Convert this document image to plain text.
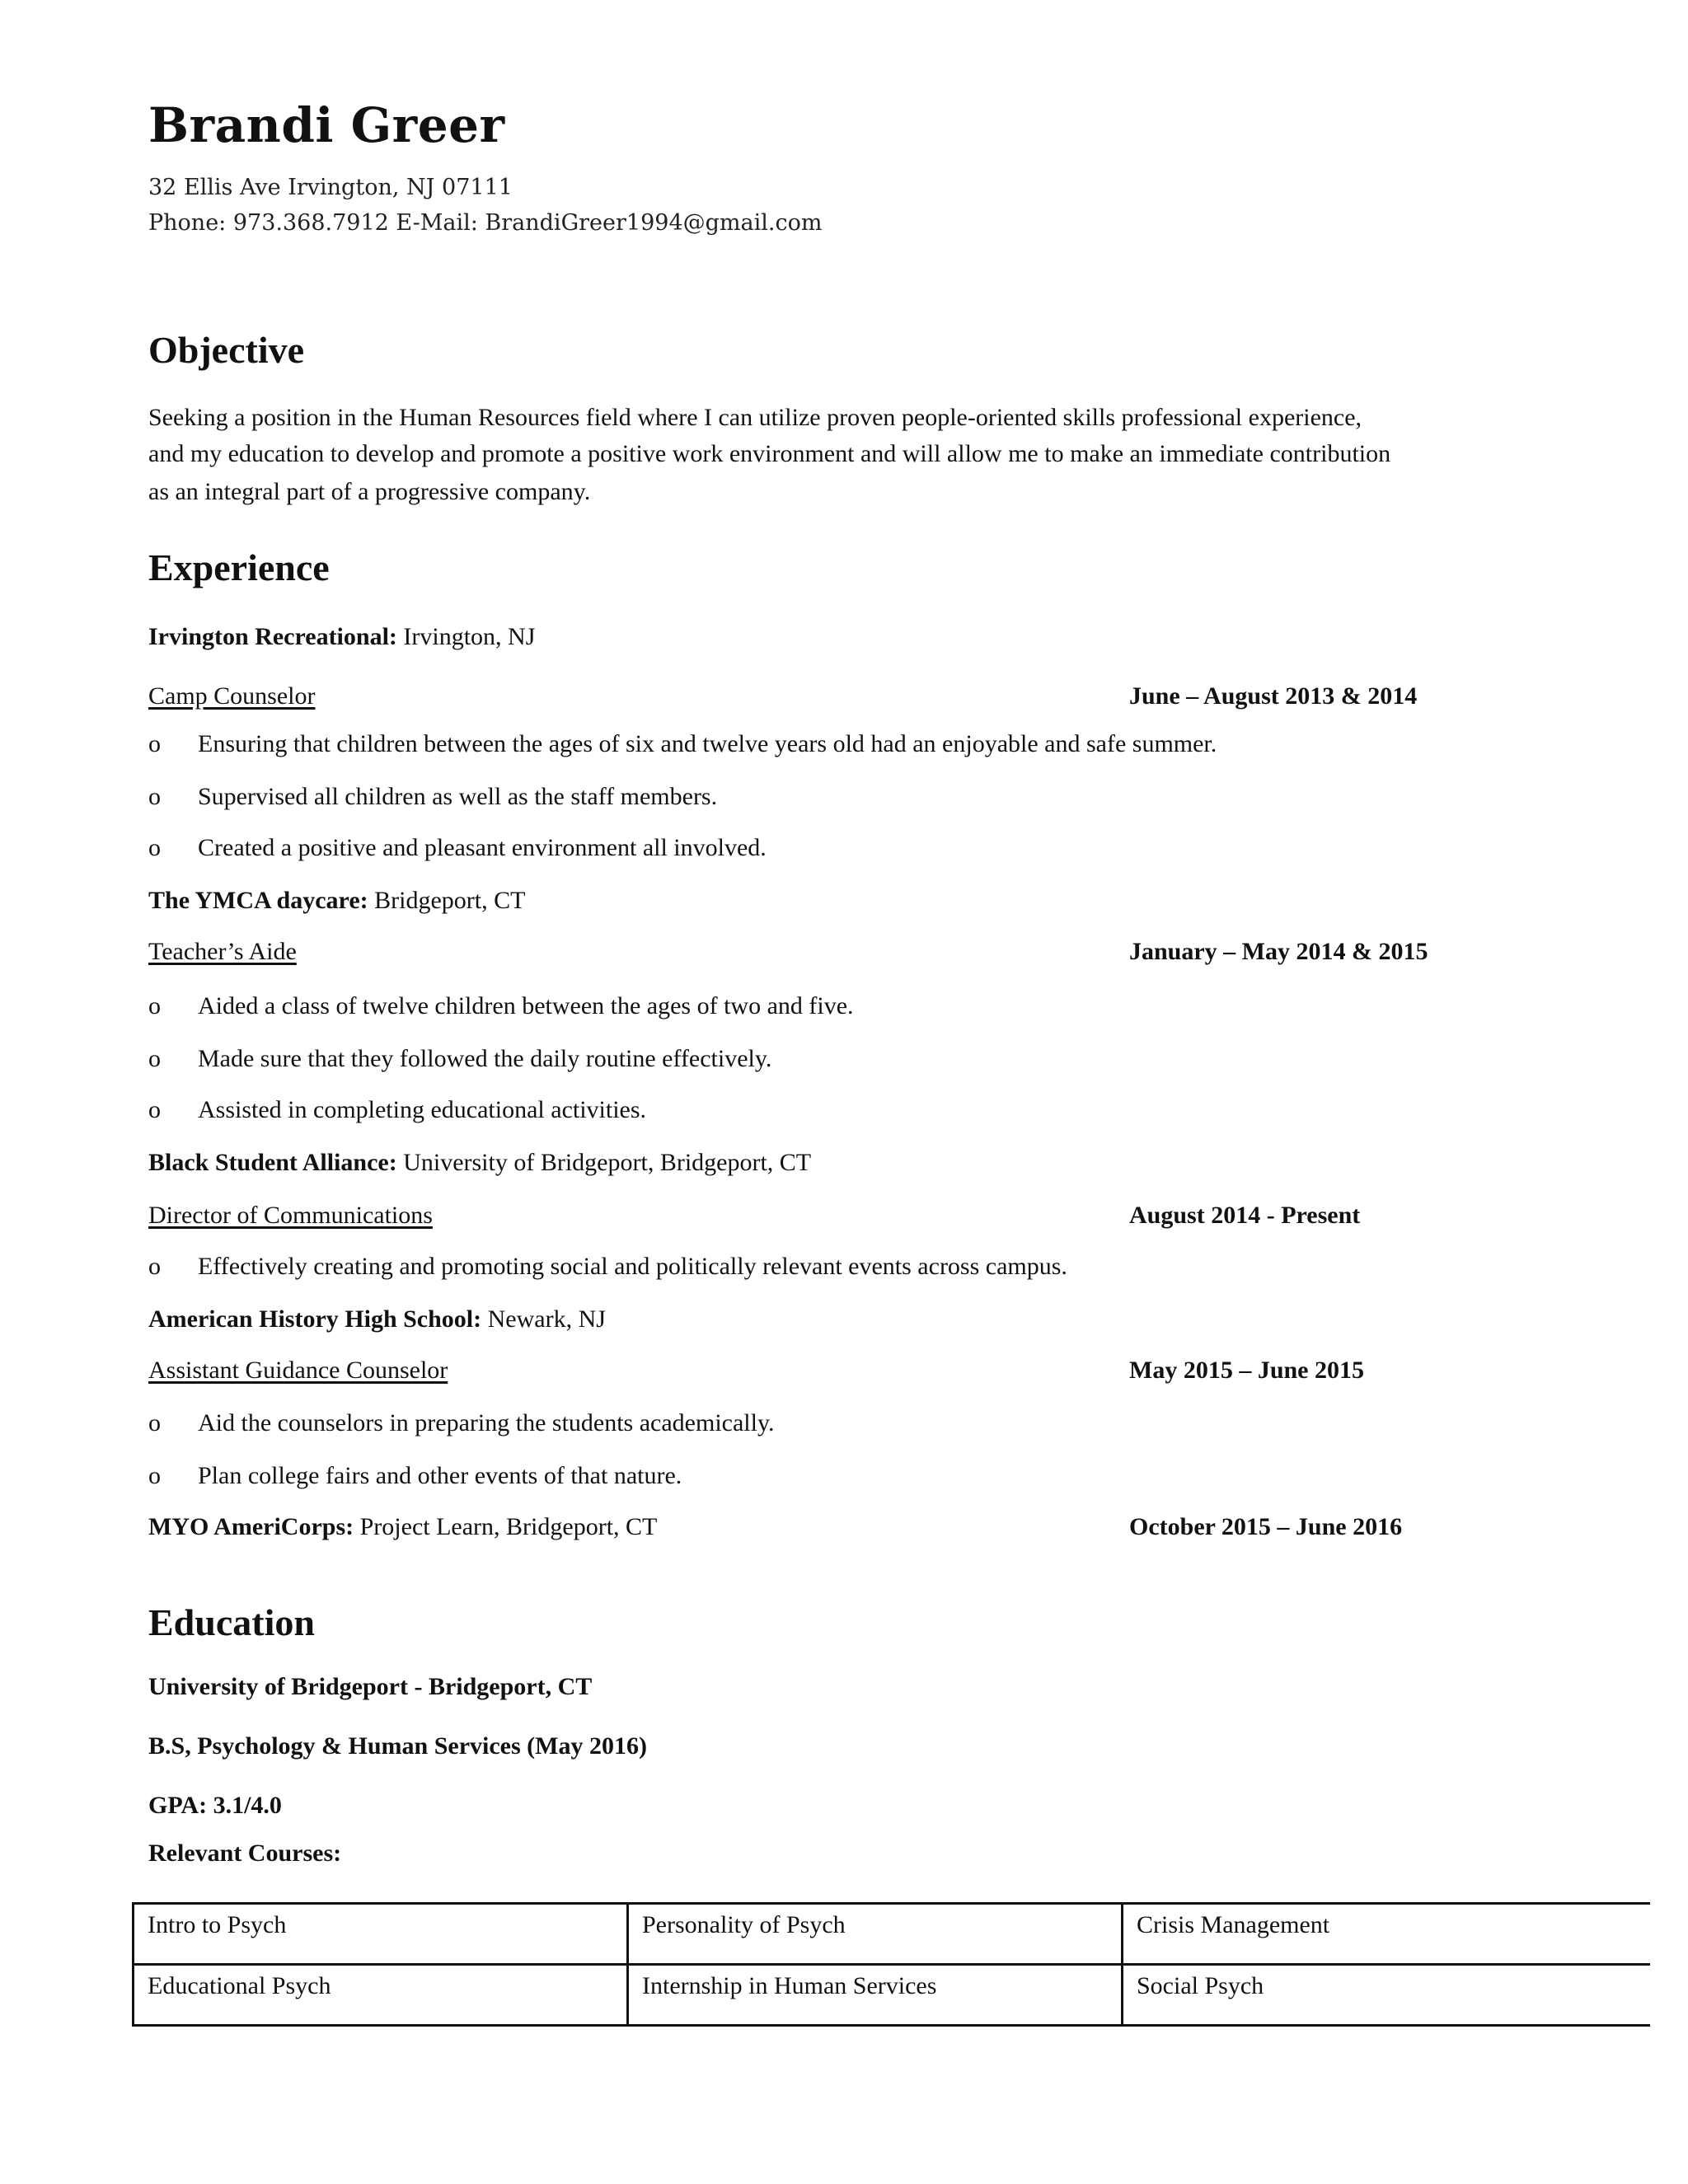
Brandi Greer
32 Ellis Ave Irvington, NJ 07111
Phone: 973.368.7912 E-Mail: BrandiGreer1994@gmail.com
Objective
Seeking a position in the Human Resources field where I can utilize proven people-oriented skills professional experience,
and my education to develop and promote a positive work environment and will allow me to make an immediate contribution
as an integral part of a progressive company.
Experience
Irvington Recreational: Irvington, NJ
Camp Counselor	June – August 2013 & 2014
o Ensuring that children between the ages of six and twelve years old had an enjoyable and safe summer.
o Supervised all children as well as the staff members.
o Created a positive and pleasant environment all involved.
The YMCA daycare: Bridgeport, CT
Teacher’s Aide	January – May 2014 & 2015
o Aided a class of twelve children between the ages of two and five.
o Made sure that they followed the daily routine effectively.
o Assisted in completing educational activities.
Black Student Alliance: University of Bridgeport, Bridgeport, CT
Director of Communications	August 2014 - Present
o Effectively creating and promoting social and politically relevant events across campus.
American History High School: Newark, NJ
Assistant Guidance Counselor	May 2015 – June 2015
o Aid the counselors in preparing the students academically.
o Plan college fairs and other events of that nature.
MYO AmeriCorps: Project Learn, Bridgeport, CT	October 2015 – June 2016
Education
University of Bridgeport - Bridgeport, CT
B.S, Psychology & Human Services (May 2016)
GPA: 3.1/4.0
Relevant Courses:
Intro to Psych	Personality of Psych	Crisis Management
Educational Psych	Internship in Human Services	Social Psych
